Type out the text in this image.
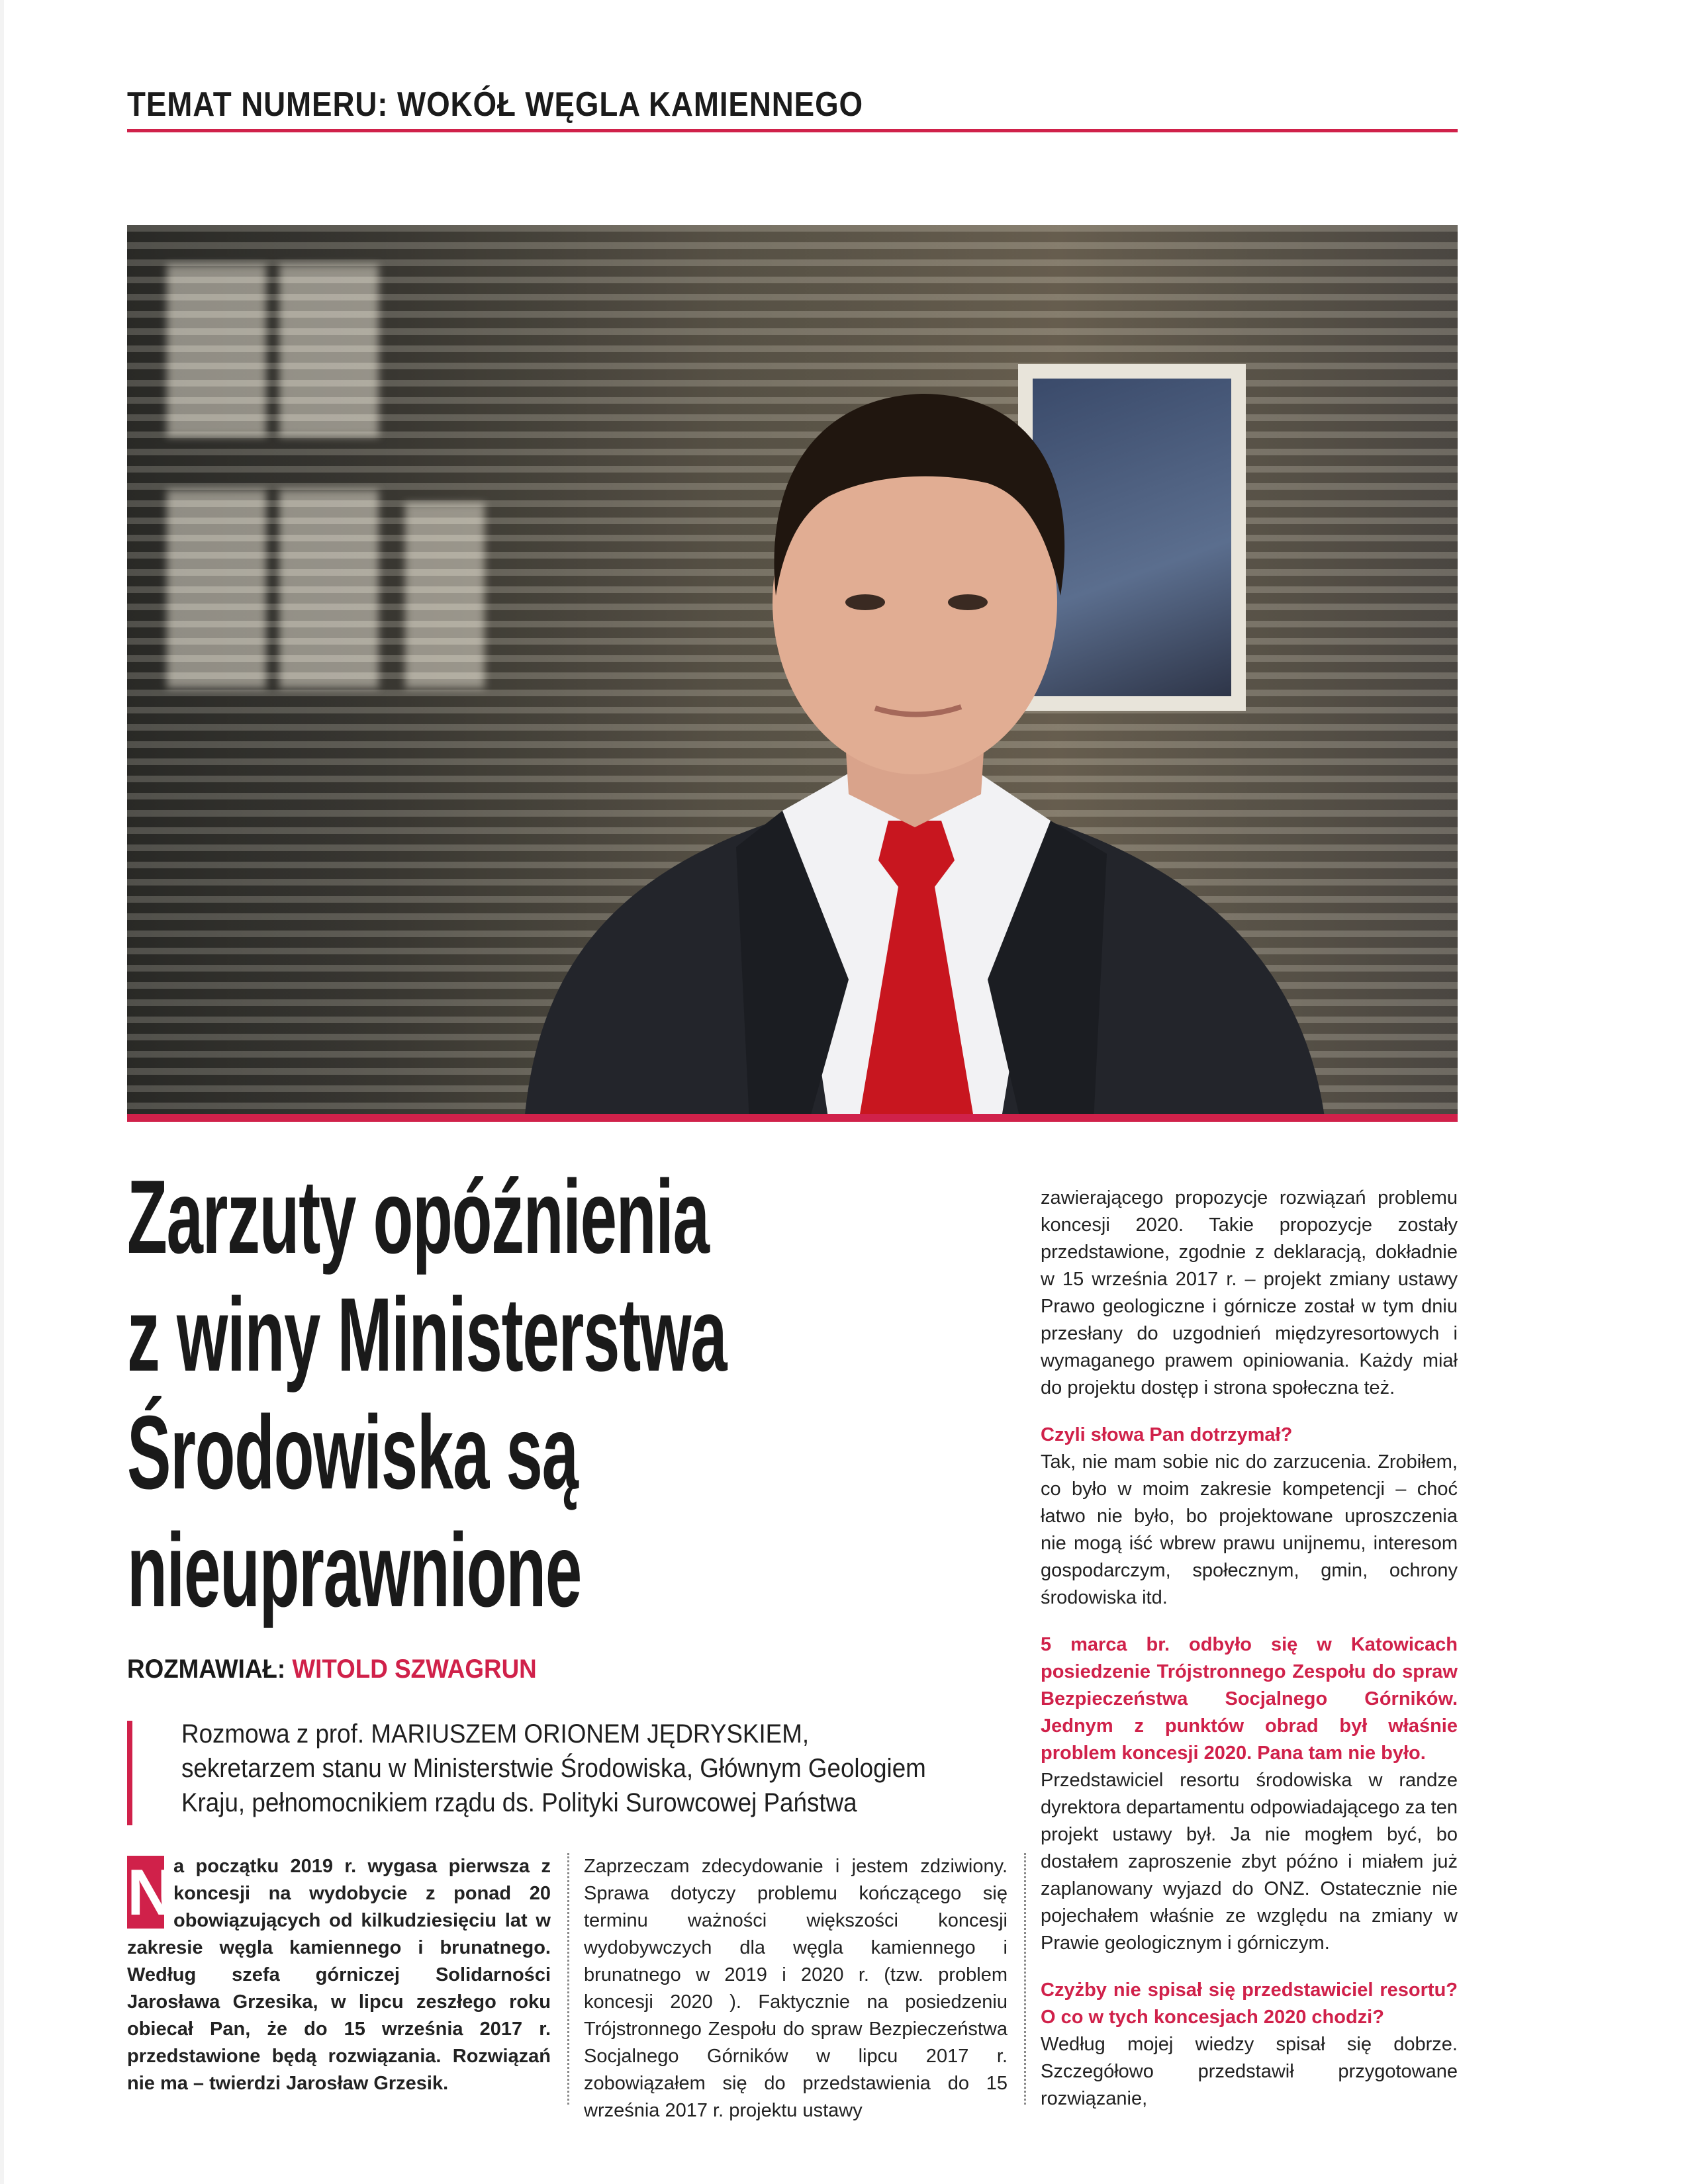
TEMAT NUMERU: WOKÓŁ WĘGLA KAMIENNEGO
Zarzuty opóźnienia
z winy Ministerstwa
Środowiska są
nieuprawnione
ROZMAWIAŁ: WITOLD SZWAGRUN
Rozmowa z prof. MARIUSZEM ORIONEM JĘDRYSKIEM, sekretarzem stanu w Ministerstwie Środowiska, Głównym Geologiem Kraju, pełnomocnikiem rządu ds. Polityki Surowcowej Państwa
N a początku 2019 r. wygasa pierwsza z koncesji na wydobycie z ponad 20 obowiązujących od kilkudziesięciu lat w zakresie węgla kamiennego i brunatnego. Według szefa górniczej Solidarności Jarosława Grzesika, w lipcu zeszłego roku obiecał Pan, że do 15 września 2017 r. przedstawione będą rozwiązania. Rozwiązań nie ma – twierdzi Jarosław Grzesik.

Zaprzeczam zdecydowanie i jestem zdziwiony. Sprawa dotyczy problemu kończącego się terminu ważności większości koncesji wydobywczych dla węgla kamiennego i brunatnego w 2019 i 2020 r. (tzw. problem koncesji 2020 ). Faktycznie na posiedzeniu Trójstronnego Zespołu do spraw Bezpieczeństwa Socjalnego Górników w lipcu 2017 r. zobowiązałem się do przedstawienia do 15 września 2017 r. projektu ustawy

zawierającego propozycje rozwiązań problemu koncesji 2020. Takie propozycje zostały przedstawione, zgodnie z deklaracją, dokładnie w 15 września 2017 r. – projekt zmiany ustawy Prawo geologiczne i górnicze został w tym dniu przesłany do uzgodnień międzyresortowych i wymaganego prawem opiniowania. Każdy miał do projektu dostęp i strona społeczna też.

Czyli słowa Pan dotrzymał?

Tak, nie mam sobie nic do zarzucenia. Zrobiłem, co było w moim zakresie kompetencji – choć łatwo nie było, bo projektowane uproszczenia nie mogą iść wbrew prawu unijnemu, interesom gospodarczym, społecznym, gmin, ochrony środowiska itd.

5 marca br. odbyło się w Katowicach posiedzenie Trójstronnego Zespołu do spraw Bezpieczeństwa Socjalnego Górników. Jednym z punktów obrad był właśnie problem koncesji 2020. Pana tam nie było.

Przedstawiciel resortu środowiska w randze dyrektora departamentu odpowiadającego za ten projekt ustawy był. Ja nie mogłem być, bo dostałem zaproszenie zbyt późno i miałem już zaplanowany wyjazd do ONZ. Ostatecznie nie pojechałem właśnie ze względu na zmiany w Prawie geologicznym i górniczym.

Czyżby nie spisał się przedstawiciel resortu? O co w tych koncesjach 2020 chodzi?

Według mojej wiedzy spisał się dobrze. Szczegółowo przedstawił przygotowane rozwiązanie,
